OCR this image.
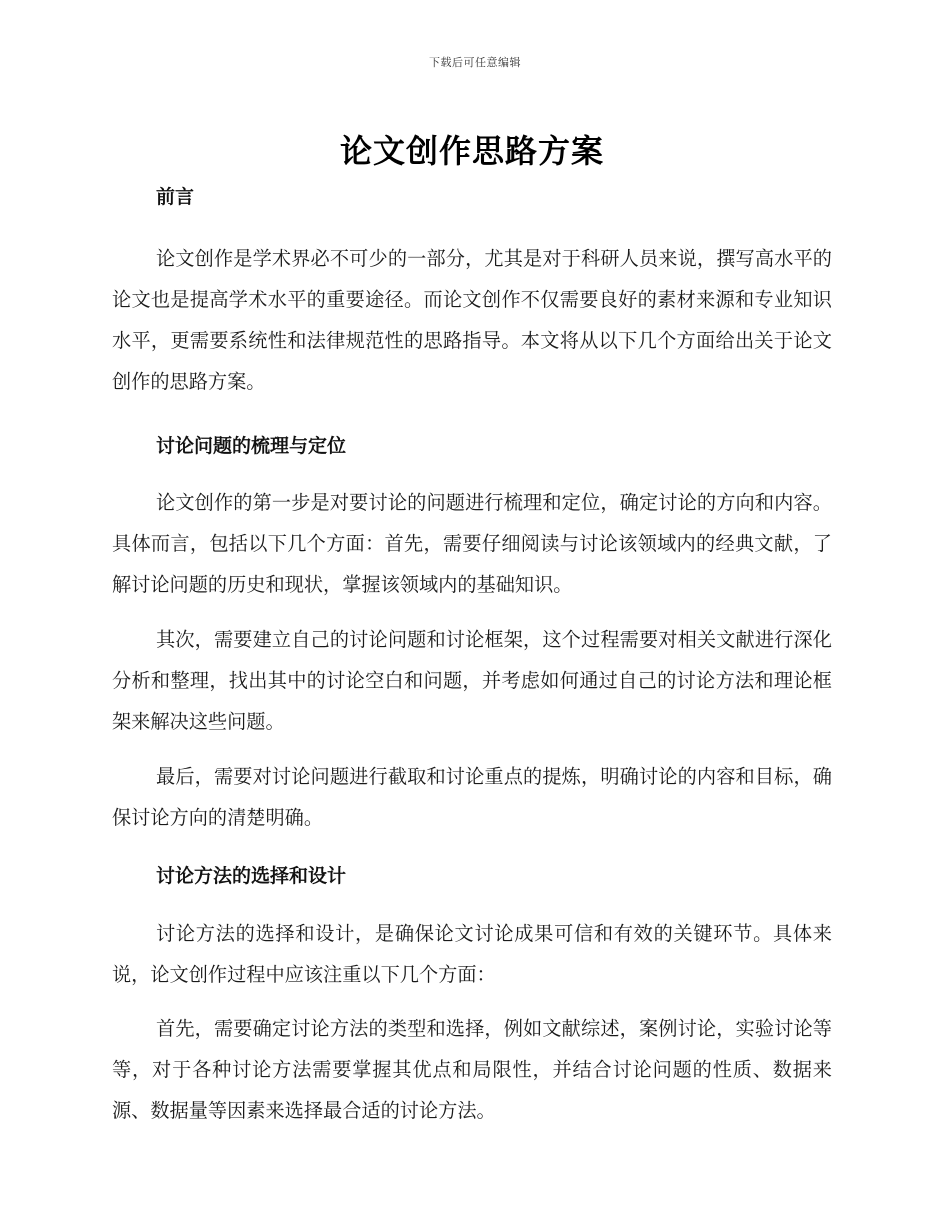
下载后可任意编辑
论文创作思路方案
前言

论文创作是学术界必不可少的一部分，尤其是对于科研人员来说，撰写高水平的论文也是提高学术水平的重要途径。而论文创作不仅需要良好的素材来源和专业知识水平，更需要系统性和法律规范性的思路指导。本文将从以下几个方面给出关于论文创作的思路方案。

讨论问题的梳理与定位

论文创作的第一步是对要讨论的问题进行梳理和定位，确定讨论的方向和内容。具体而言，包括以下几个方面：首先，需要仔细阅读与讨论该领域内的经典文献，了解讨论问题的历史和现状，掌握该领域内的基础知识。

其次，需要建立自己的讨论问题和讨论框架，这个过程需要对相关文献进行深化分析和整理，找出其中的讨论空白和问题，并考虑如何通过自己的讨论方法和理论框架来解决这些问题。

最后，需要对讨论问题进行截取和讨论重点的提炼，明确讨论的内容和目标，确保讨论方向的清楚明确。

讨论方法的选择和设计

讨论方法的选择和设计，是确保论文讨论成果可信和有效的关键环节。具体来说，论文创作过程中应该注重以下几个方面：

首先，需要确定讨论方法的类型和选择，例如文献综述，案例讨论，实验讨论等等，对于各种讨论方法需要掌握其优点和局限性，并结合讨论问题的性质、数据来源、数据量等因素来选择最合适的讨论方法。
